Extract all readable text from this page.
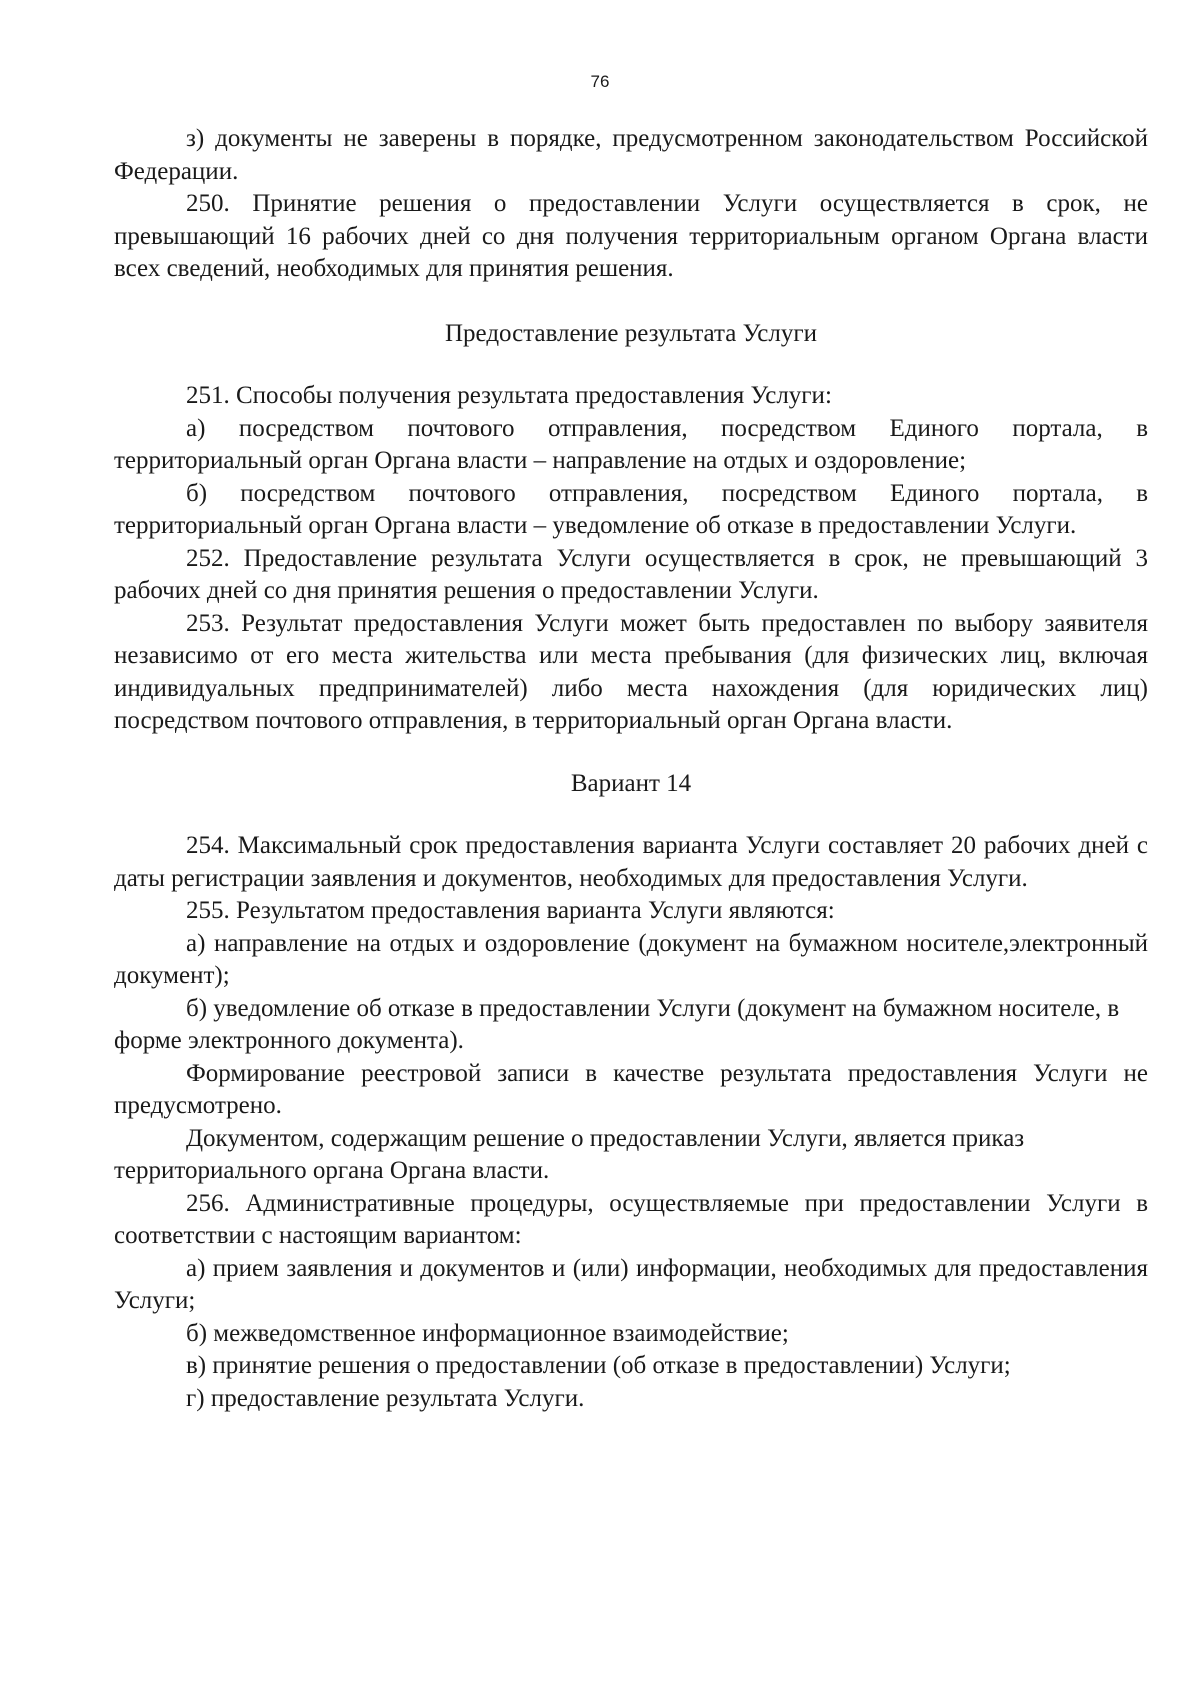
76

з) документы не заверены в порядке, предусмотренном законодательством Российской Федерации.

250. Принятие решения о предоставлении Услуги осуществляется в срок, не превышающий 16 рабочих дней со дня получения территориальным органом Органа власти всех сведений, необходимых для принятия решения.

Предоставление результата Услуги

251. Способы получения результата предоставления Услуги:

а) посредством почтового отправления, посредством Единого портала, в территориальный орган Органа власти – направление на отдых и оздоровление;

б) посредством почтового отправления, посредством Единого портала, в территориальный орган Органа власти – уведомление об отказе в предоставлении Услуги.

252. Предоставление результата Услуги осуществляется в срок, не превышающий 3 рабочих дней со дня принятия решения о предоставлении Услуги.

253. Результат предоставления Услуги может быть предоставлен по выбору заявителя независимо от его места жительства или места пребывания (для физических лиц, включая индивидуальных предпринимателей) либо места нахождения (для юридических лиц) посредством почтового отправления, в территориальный орган Органа власти.

Вариант 14

254. Максимальный срок предоставления варианта Услуги составляет 20 рабочих дней с даты регистрации заявления и документов, необходимых для предоставления Услуги.

255. Результатом предоставления варианта Услуги являются:

а) направление на отдых и оздоровление (документ на бумажном носителе,электронный документ);

б) уведомление об отказе в предоставлении Услуги (документ на бумажном носителе, в форме электронного документа).

Формирование реестровой записи в качестве результата предоставления Услуги не предусмотрено.

Документом, содержащим решение о предоставлении Услуги, является приказ территориального органа Органа власти.

256. Административные процедуры, осуществляемые при предоставлении Услуги в соответствии с настоящим вариантом:

а) прием заявления и документов и (или) информации, необходимых для предоставления Услуги;

б) межведомственное информационное взаимодействие;

в) принятие решения о предоставлении (об отказе в предоставлении) Услуги;

г) предоставление результата Услуги.
